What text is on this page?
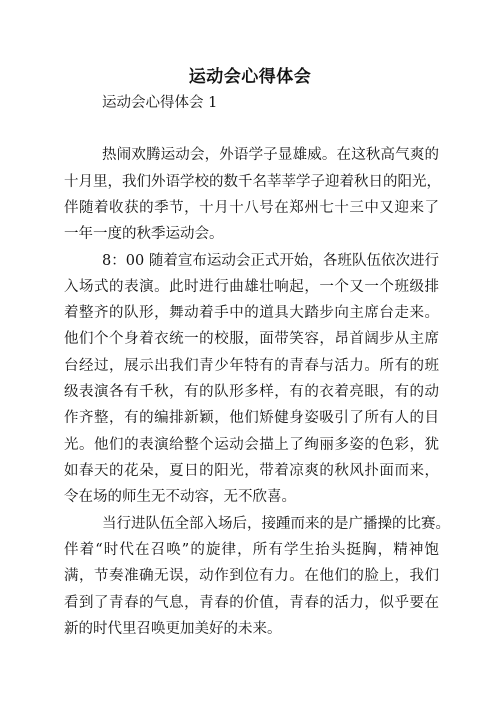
运动会心得体会
运动会心得体会 1
热闹欢腾运动会，外语学子显雄威。在这秋高气爽的
十月里，我们外语学校的数千名莘莘学子迎着秋日的阳光，
伴随着收获的季节，十月十八号在郑州七十三中又迎来了
一年一度的秋季运动会。
8：00 随着宣布运动会正式开始，各班队伍依次进行
入场式的表演。此时进行曲雄壮响起，一个又一个班级排
着整齐的队形，舞动着手中的道具大踏步向主席台走来。
他们个个身着衣统一的校服，面带笑容，昂首阔步从主席
台经过，展示出我们青少年特有的青春与活力。所有的班
级表演各有千秋，有的队形多样，有的衣着亮眼，有的动
作齐整，有的编排新颖，他们矫健身姿吸引了所有人的目
光。他们的表演给整个运动会描上了绚丽多姿的色彩，犹
如春天的花朵，夏日的阳光，带着凉爽的秋风扑面而来，
令在场的师生无不动容，无不欣喜。
当行进队伍全部入场后，接踵而来的是广播操的比赛。
伴着“时代在召唤”的旋律，所有学生抬头挺胸，精神饱
满，节奏准确无误，动作到位有力。在他们的脸上，我们
看到了青春的气息，青春的价值，青春的活力，似乎要在
新的时代里召唤更加美好的未来。
